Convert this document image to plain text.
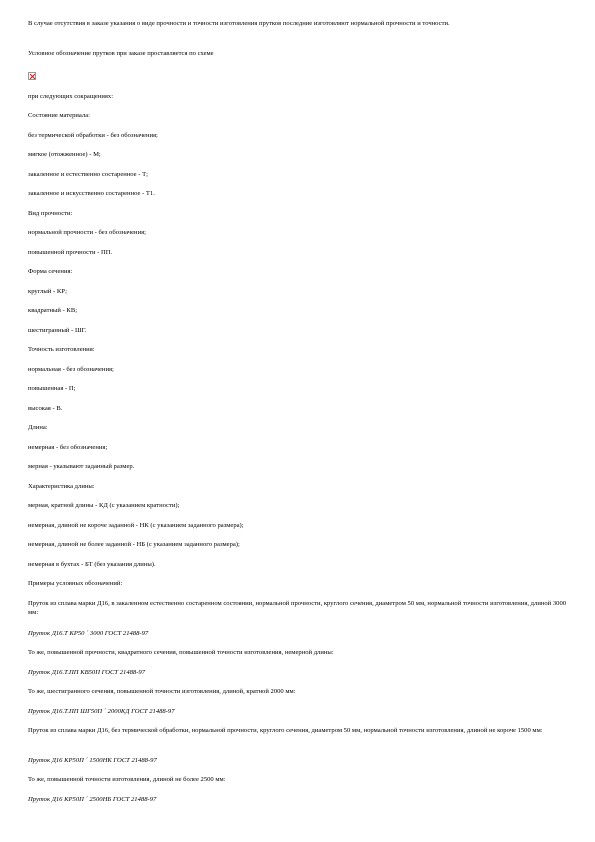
В случае отсутствия в заказе указания о виде прочности и точности изготовления прутков последние изготовляют нормальной прочности и точности.

Условное обозначение прутков при заказе проставляется по схеме

при следующих сокращениях:

Состояние материала:

без термической обработки - без обозначения;

мягкое (отожженное) - М;

закаленное и естественно состаренное - Т;

закаленное и искусственно состаренное - Т1.

Вид прочности:

нормальной прочности - без обозначения;

повышенной прочности - ПП.

Форма сечения:

круглый - КР;

квадратный - КВ;

шестигранный - ШГ.

Точность изготовления:

нормальная - без обозначения;

повышенная - П;

высокая - В.

Длина:

немерная - без обозначения;

мерная - указывают заданный размер.

Характеристика длины:

мерная, кратной длины - КД (с указанием кратности);

немерная, длиной не короче заданной - НК (с указанием заданного размера);

немерная, длиной не более заданной - НБ (с указанием заданного размера);

немерная в бухтах - БТ (без указания длины).

Примеры условных обозначений:

Пруток из сплава марки Д16, в закаленном естественно состаренном состоянии, нормальной прочности, круглого сечения, диаметром 50 мм, нормальной точности изготовления, длиной 3000 мм:

Пруток Д16.Т КР50 ´ 3000 ГОСТ 21488-97

То же, повышенной прочности, квадратного сечения, повышенной точности изготовления, немерной длины:

Пруток Д16.Т.ПП КВ50П ГОСТ 21488-97

То же, шестигранного сечения, повышенной точности изготовления, длиной, кратной 2000 мм:

Пруток Д16.Т.ПП ШГ50П ´ 2000КД ГОСТ 21488-97

Пруток из сплава марки Д16, без термической обработки, нормальной прочности, круглого сечения, диаметром 50 мм, нормальной точности изготовления, длиной не короче 1500 мм:

Пруток Д16 КР50П ´ 1500НК ГОСТ 21488-97

То же, повышенной точности изготовления, длиной не более 2500 мм:

Пруток Д16 КР50П ´ 2500НБ ГОСТ 21488-97
